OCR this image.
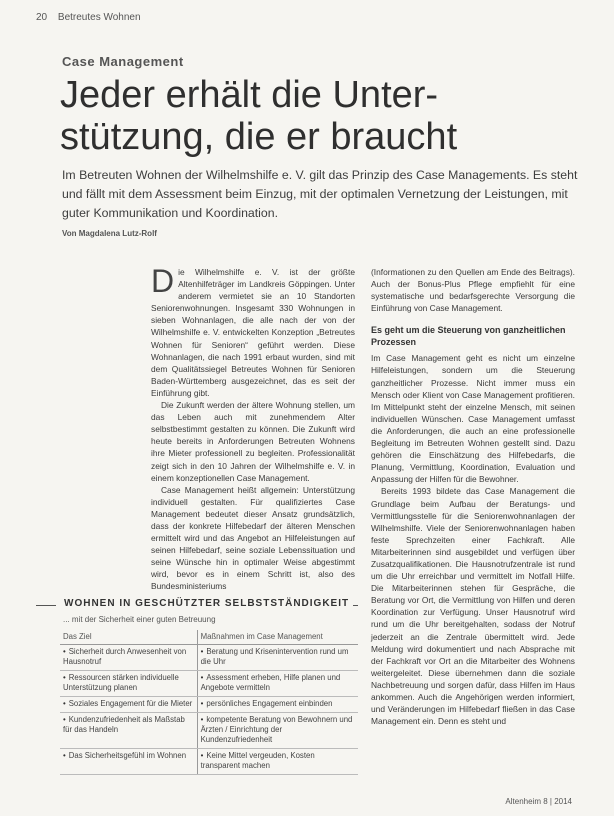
20 Betreutes Wohnen
Case Management
Jeder erhält die Unter-stützung, die er braucht

Im Betreuten Wohnen der Wilhelmshilfe e. V. gilt das Prinzip des Case Managements. Es steht und fällt mit dem Assessment beim Einzug, mit der optimalen Vernetzung der Leistungen, mit guter Kommunikation und Koordination.

Von Magdalena Lutz-Rolf

Die Wilhelmshilfe e. V. ist der größte Altenhilfeträger im Landkreis Göppingen. Unter anderem vermietet sie an 10 Standorten Seniorenwohnungen. Insgesamt 330 Wohnungen in sieben Wohnanlagen, die alle nach der von der Wilhelmshilfe e. V. entwickelten Konzeption „Betreutes Wohnen für Senioren“ geführt werden. Diese Wohnanlagen, die nach 1991 erbaut wurden, sind mit dem Qualitätssiegel Betreutes Wohnen für Senioren Baden-Württemberg ausgezeichnet, das es seit der Einführung gibt.

Die Zukunft werden der ältere Wohnung stellen, um das Leben auch mit zunehmendem Alter selbstbestimmt gestalten zu können. Die Zukunft wird heute bereits in Anforderungen Betreuten Wohnens ihre Mieter professionell zu begleiten. Professionalität zeigt sich in den 10 Jahren der Wilhelmshilfe e. V. in einem konzeptionellen Case Management.

Case Management heißt allgemein: Unterstützung individuell gestalten. Für qualifiziertes Case Management bedeutet dieser Ansatz grundsätzlich, dass der konkrete Hilfebedarf der älteren Menschen ermittelt wird und das Angebot an Hilfeleistungen auf seinen Hilfebedarf, seine soziale Lebenssituation und seine Wünsche hin in optimaler Weise abgestimmt wird, bevor es in einem Schritt ist, also des Bundesministeriums

(Informationen zu den Quellen am Ende des Beitrags). Auch der Bonus-Plus Pflege empfiehlt für eine systematische und bedarfsgerechte Versorgung die Einführung von Case Management.

Es geht um die Steuerung von ganzheitlichen Prozessen

Im Case Management geht es nicht um einzelne Hilfeleistungen, sondern um die Steuerung ganzheitlicher Prozesse. Nicht immer muss ein Mensch oder Klient von Case Management profitieren. Im Mittelpunkt steht der einzelne Mensch, mit seinen individuellen Wünschen. Case Management umfasst die Anforderungen, die auch an eine professionelle Begleitung im Betreuten Wohnen gestellt sind. Dazu gehören die Einschätzung des Hilfebedarfs, die Planung, Vermittlung, Koordination, Evaluation und Anpassung der Hilfen für die Bewohner.

Bereits 1993 bildete das Case Management die Grundlage beim Aufbau der Beratungs- und Vermittlungsstelle für die Seniorenwohnanlagen der Wilhelmshilfe. Viele der Seniorenwohnanlagen haben feste Sprechzeiten einer Fachkraft. Alle Mitarbeiterinnen sind ausgebildet und verfügen über Zusatzqualifikationen. Die Hausnotrufzentrale ist rund um die Uhr erreichbar und vermittelt im Notfall Hilfe. Die Mitarbeiterinnen stehen für Gespräche, die Beratung vor Ort, die Vermittlung von Hilfen und deren Koordination zur Verfügung. Unser Hausnotruf wird rund um die Uhr bereitgehalten, sodass der Notruf jederzeit an die Zentrale übermittelt wird. Jede Meldung wird dokumentiert und nach Absprache mit der Fachkraft vor Ort an die Mitarbeiter des Wohnens weitergeleitet. Diese übernehmen dann die soziale Nachbetreuung und sorgen dafür, dass Hilfen im Haus ankommen. Auch die Angehörigen werden informiert, und Veränderungen im Hilfebedarf fließen in das Case Management ein. Denn es steht und

WOHNEN IN GESCHÜTZTER SELBSTSTÄNDIGKEIT
... mit der Sicherheit einer guten Betreuung
Das Ziel	Maßnahmen im Case Management
• Sicherheit durch Anwesenheit von Hausnotruf	• Beratung und Krisenintervention rund um die Uhr
• Ressourcen stärken individuelle Unterstützung planen	• Assessment erheben, Hilfe planen und Angebote vermitteln
• Soziales Engagement für die Mieter	• persönliches Engagement einbinden
• Kundenzufriedenheit als Maßstab für das Handeln	• kompetente Beratung von Bewohnern und Ärzten / Einrichtung der Kundenzufriedenheit
• Das Sicherheitsgefühl im Wohnen	• Keine Mittel vergeuden, Kosten transparent machen
Altenheim 8 | 2014
